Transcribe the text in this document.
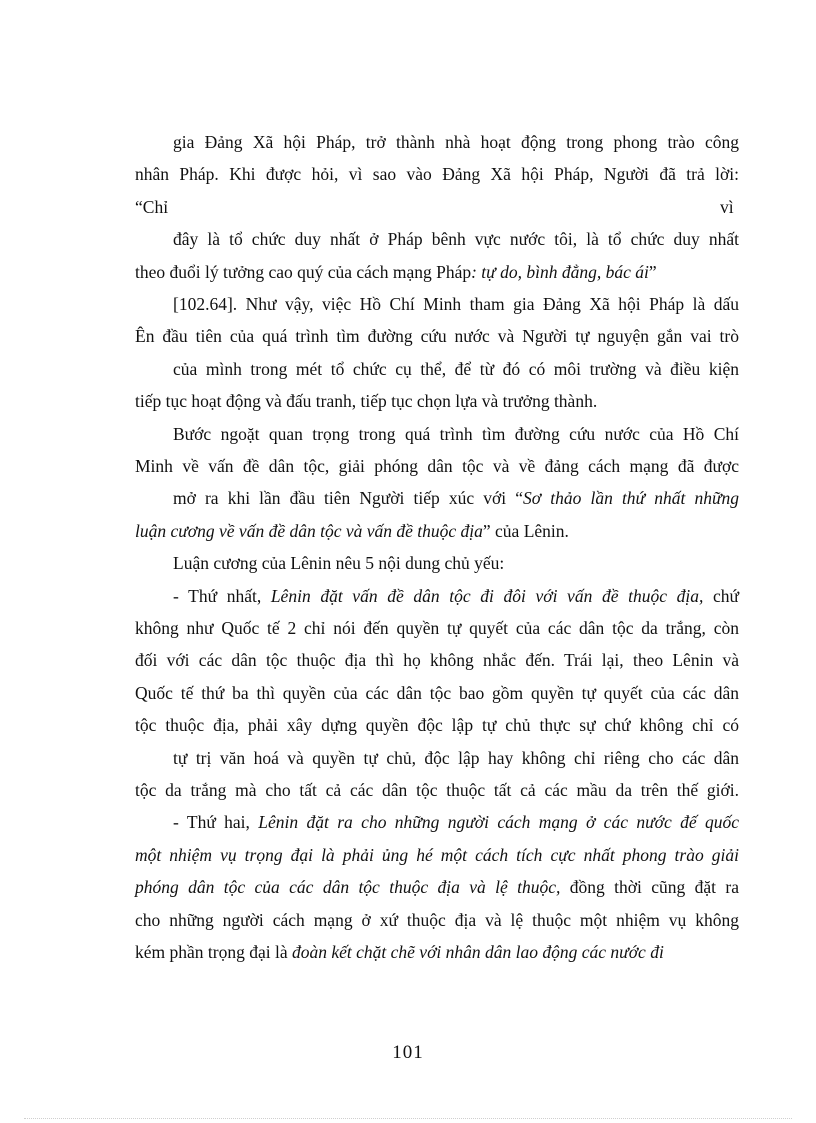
gia Đảng Xã hội Pháp, trở thành nhà hoạt động trong phong trào công
nhân Pháp. Khi được hỏi, vì sao vào Đảng Xã hội Pháp, Người đã trả lời:
“Chỉ	vì
đây là tổ chức duy nhất ở Pháp bênh vực nước tôi, là tổ chức duy nhất
theo đuổi lý tưởng cao quý của cách mạng Pháp: tự do, bình đẳng, bác ái”
[102.64]. Như vậy, việc Hồ Chí Minh tham gia Đảng Xã hội Pháp là dấu
Ên đầu tiên của quá trình tìm đường cứu nước và Người tự nguyện gắn vai trò
của mình trong mét tổ chức cụ thể, để từ đó có môi trường và điều kiện
tiếp tục hoạt động và đấu tranh, tiếp tục chọn lựa và trưởng thành.
Bước ngoặt quan trọng trong quá trình tìm đường cứu nước của Hồ Chí
Minh về vấn đề dân tộc, giải phóng dân tộc và về đảng cách mạng đã được
mở ra khi lần đầu tiên Người tiếp xúc với “Sơ thảo lần thứ nhất những
luận cương về vấn đề dân tộc và vấn đề thuộc địa” của Lênin.
Luận cương của Lênin nêu 5 nội dung chủ yếu:
- Thứ nhất, Lênin đặt vấn đề dân tộc đi đôi với vấn đề thuộc địa, chứ
không như Quốc tế 2 chỉ nói đến quyền tự quyết của các dân tộc da trắng, còn
đối với các dân tộc thuộc địa thì họ không nhắc đến. Trái lại, theo Lênin và
Quốc tế thứ ba thì quyền của các dân tộc bao gồm quyền tự quyết của các dân
tộc thuộc địa, phải xây dựng quyền độc lập tự chủ thực sự chứ không chỉ có
tự trị văn hoá và quyền tự chủ, độc lập hay không chỉ riêng cho các dân
tộc da trắng mà cho tất cả các dân tộc thuộc tất cả các mầu da trên thế giới.
- Thứ hai, Lênin đặt ra cho những người cách mạng ở các nước đế quốc
một nhiệm vụ trọng đại là phải ủng hé một cách tích cực nhất phong trào giải
phóng dân tộc của các dân tộc thuộc địa và lệ thuộc, đồng thời cũng đặt ra
cho những người cách mạng ở xứ thuộc địa và lệ thuộc một nhiệm vụ không
kém phần trọng đại là đoàn kết chặt chẽ với nhân dân lao động các nước đi
101
